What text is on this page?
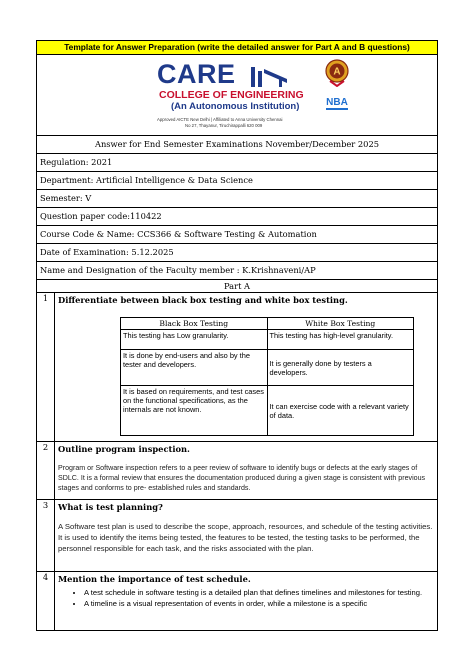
Template for Answer Preparation (write the detailed answer for Part A and B questions)

CARE
COLLEGE OF ENGINEERING
(An Autonomous Institution)
Approved AICTE New Delhi | Affiliated to Anna University Chennai
No 27, Thayanur, Tiruchirappalli 620 009
A
NBA

Answer for End Semester Examinations November/December 2025
Regulation: 2021
Department: Artificial Intelligence & Data Science
Semester: V
Question paper code:110422
Course Code & Name: CCS366 & Software Testing & Automation
Date of Examination: 5.12.2025
Name and Designation of the Faculty member : K.Krishnaveni/AP
Part A
1	Differentiate between black box testing and white box testing.
Black Box Testing	White Box Testing
This testing has Low granularity.	This testing has high-level granularity.
It is done by end-users and also by the tester and developers.	It is generally done by testers a developers.
It is based on requirements, and test cases on the functional specifications, as the internals are not known.	It can exercise code with a relevant variety of data.

2	Outline program inspection.
Program or Software inspection refers to a peer review of software to identify bugs or defects at the early stages of SDLC. It is a formal review that ensures the documentation produced during a given stage is consistent with previous stages and conforms to pre- established rules and standards.

3	What is test planning?
A Software test plan is used to describe the scope, approach, resources, and schedule of the testing activities. It is used to identify the items being tested, the features to be tested, the testing tasks to be performed, the personnel responsible for each task, and the risks associated with the plan.

4	Mention the importance of test schedule.
• A test schedule in software testing is a detailed plan that defines timelines and milestones for testing.
• A timeline is a visual representation of events in order, while a milestone is a specific
